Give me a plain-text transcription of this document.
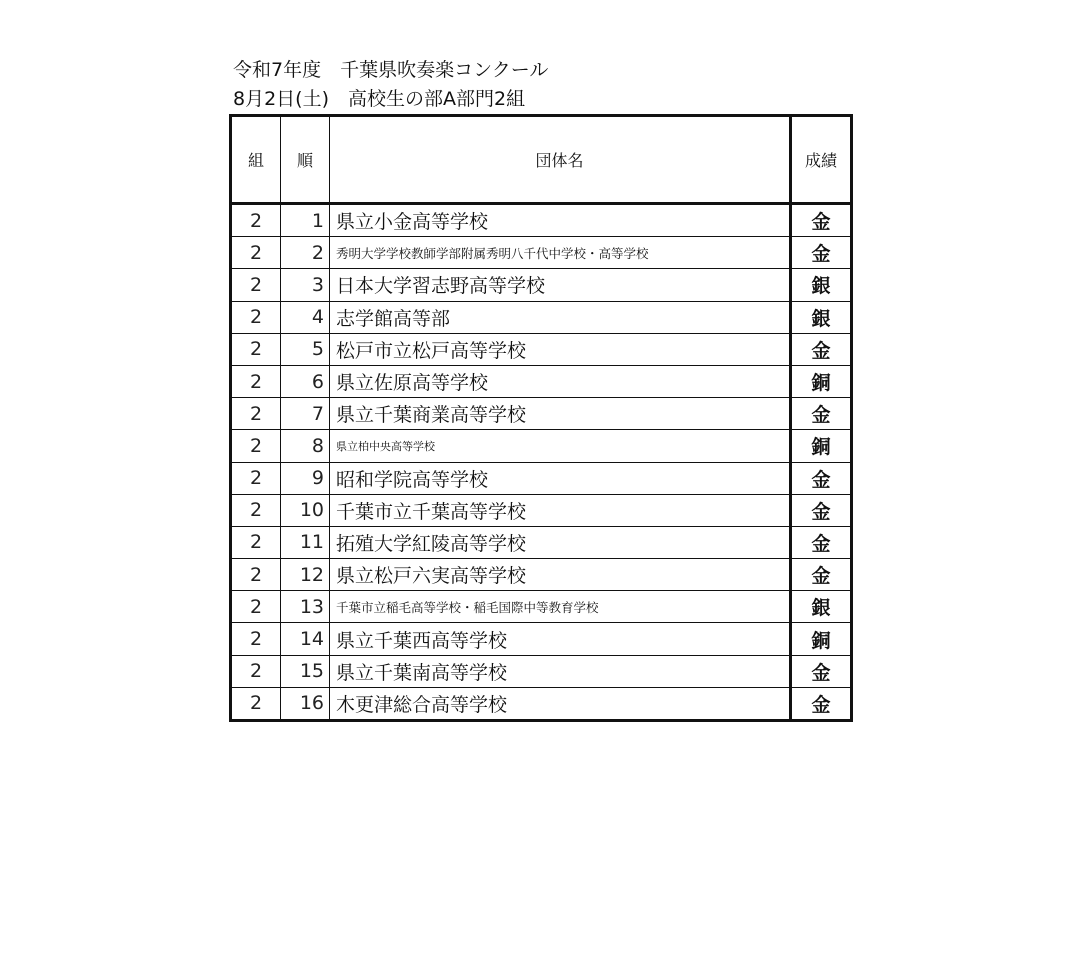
令和7年度　千葉県吹奏楽コンクール
8月2日(土)　高校生の部A部門2組
組	順	団体名	成績
2	1	県立小金高等学校	金
2	2	秀明大学学校教師学部附属秀明八千代中学校・高等学校	金
2	3	日本大学習志野高等学校	銀
2	4	志学館高等部	銀
2	5	松戸市立松戸高等学校	金
2	6	県立佐原高等学校	銅
2	7	県立千葉商業高等学校	金
2	8	県立柏中央高等学校	銅
2	9	昭和学院高等学校	金
2	10	千葉市立千葉高等学校	金
2	11	拓殖大学紅陵高等学校	金
2	12	県立松戸六実高等学校	金
2	13	千葉市立稲毛高等学校・稲毛国際中等教育学校	銀
2	14	県立千葉西高等学校	銅
2	15	県立千葉南高等学校	金
2	16	木更津総合高等学校	金
